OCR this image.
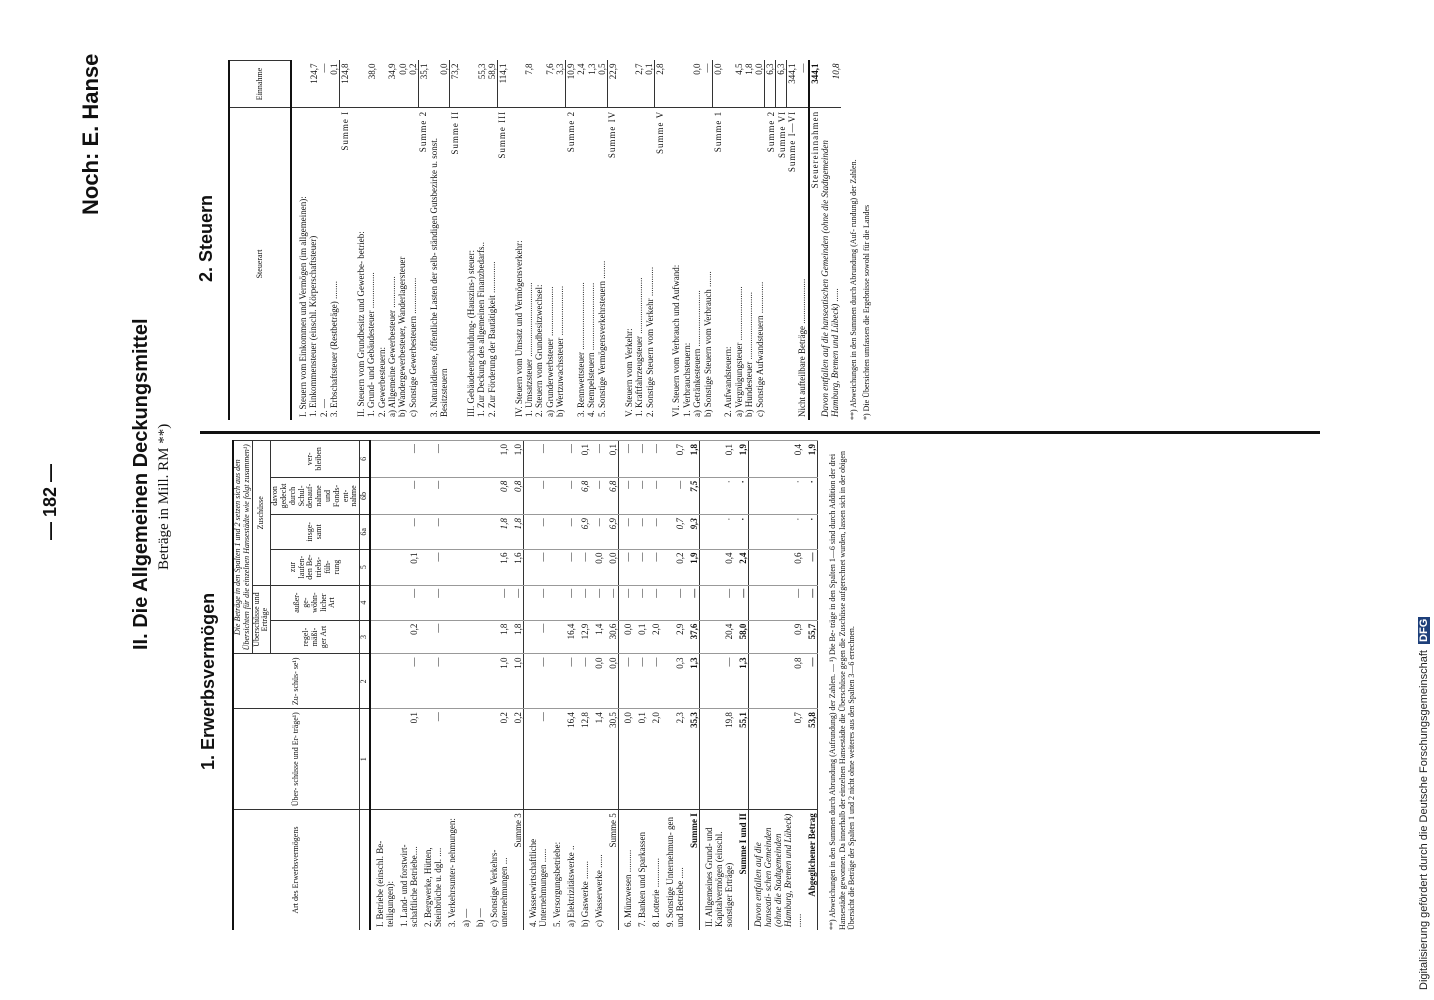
Digitalisierung gefördert durch die Deutsche Forschungsgemeinschaft DFG
— 182 —
Noch: E. Hanse
II. Die Allgemeinen Deckungsmittel Beträge in Mill. RM **)
1. Erwerbsvermögen
2. Steuern
Art des Erwerbsvermögens	Über- schüsse und Er- träge¹)	Zu- schüs- se¹)	Die Beträge in den Spalten 1 und 2 setzen sich aus den Übersichten für die einzelnen Hansestädte wie folgt zusammen¹)					
			Überschüsse und Erträge		Zuschüsse			
			regel- mäßi- ger Art	außer- ge- wöhn- licher Art	zur laufen- den Be- triebs- füh- rung	insge- samt	davon gedeckt durch Schul- denauf- nahme und Fonds- ent- nahme	ver- bleiben
	1	2	3	4	5	6a	6b	6
I. Betriebe (einschl. Be- teiligungen):								
1. Land- und forstwirt- schaftliche Betriebe....	0,1	—	0,2	—	0,1	—	—	—
2. Bergwerke, Hütten, Steinbrüche u. dgl. ....	—	—	—	—	—	—	—	—
3. Verkehrsunter- nehmungen:								
a) —								
b) —								
c) Sonstige Verkehrs- unternehmungen ...	0,2	1,0	1,8	—	1,6	1,8	0,8	1,0
Summe 3	0,2	1,0	1,8	—	1,6	1,8	0,8	1,0
4. Wasserwirtschaftliche Unternehmungen ......	—	—	—	—	—	—	—	—
5. Versorgungsbetriebe:								
a) Elektrizitätswerke ..	16,4	—	16,4	—	—	—	—	—
b) Gaswerke ........	12,8	—	12,9	—	—	6,9	6,8	0,1
c) Wasserwerke ......	1,4	0,0	1,4	—	0,0	—	—	—
Summe 5	30,5	0,0	30,6	—	0,0	6,9	6,8	0,1
6. Münzwesen ..........	0,0	—	0,0	—	—	—	—	—
7. Banken und Sparkassen	0,1	—	0,1	—	—	—	—	—
8. Lotterie .............	2,0	—	2,0	—	—	—	—	—
9. Sonstige Unternehmun- gen und Betriebe .....	2,3	0,3	2,9	—	0,2	0,7	—	0,7
Summe I	35,3	1,3	37,6	—	1,9	9,3	7,5	1,8
II. Allgemeines Grund- und Kapitalvermögen (einschl. sonstiger Erträge)	19,8	—	20,4	—	0,4	·	·	0,1
Summe I und II	55,1	1,3	58,0	—	2,4	·	·	1,9
Davon entfallen auf die hanseati- schen Gemeinden (ohne die Stadtgemeinden Hamburg, Bremen und Lübeck) ......	0,7	0,8	0,9	—	0,6	·	·	0,4
Abgeglichener Betrag	53,8	—	55,7	—	—	·	·	1,9
**) Abweichungen in den Summen durch Abrundung (Aufrundung) der Zahlen. — ¹) Die Be- träge in den Spalten 1—6 sind durch Addition der drei Hansestädte gewonnen. Da innerhalb der einzelnen Hansestädte die Überschüsse gegen die Zuschüsse aufgerechnet wurden, lassen sich in der obigen Übersicht die Beträge der Spalten 1 und 2 nicht ohne weiteres aus den Spalten 3—6 errechnen.
Steuerart	Einnahme
I. Steuern vom Einkommen und Vermögen (im allgemeinen):	
1. Einkommensteuer (einschl. Körperschaftsteuer)	124,7
2. —	—
3. Erbschaftsteuer (Restbeträge) ........	0,1
Summe I	124,8
II. Steuern vom Grundbesitz und Gewerbe- betrieb:	
1. Grund- und Gebäudesteuer ................	38,0
2. Gewerbesteuern:	
a) Allgemeine Gewerbesteuer ..............	34,9
b) Wandergewerbesteuer, Wanderlagersteuer	0,0
c) Sonstige Gewerbesteuern ................	0,2
Summe 2	35,1
3. Naturaldienste, öffentliche Lasten der selb- ständigen Gutsbezirke u. sonst. Besitzsteuern	0,0
Summe II	73,2
III. Gebäudeentschuldung- (Hauszins-) steuer:	
1. Zur Deckung des allgemeinen Finanzbedarfs..	55,3
2. Zur Förderung der Bautätigkeit ..............	58,9
Summe III	114,1
IV. Steuern vom Umsatz und Vermögensverkehr:	
1. Umsatzsteuer .................................	7,8
2. Steuern vom Grundbesitzwechsel:	
a) Grunderwerbsteuer ......................	7,6
b) Wertzuwachssteuer ......................	3,3
Summe 2	10,9
3. Rennwettsteuer ..............................	2,4
4. Stempelsteuern ..............................	1,3
5. Sonstige Vermögensverkehrsteuern ........	0,5
Summe IV	22,9
V. Steuern vom Verkehr:	
1. Kraftfahrzeugsteuer .........................	2,7
2. Sonstige Steuern vom Verkehr .............	0,1
Summe V	2,8
VI. Steuern vom Verbrauch und Aufwand:	
1. Verbrauchsteuern:	
a) Getränkesteuern .........................	0,0
b) Sonstige Steuern vom Verbrauch .......	—
Summe 1	0,0
2. Aufwandsteuern:	
a) Vergnügungsteuer ........................	4,5
b) Hundesteuer ..............................	1,8
c) Sonstige Aufwandsteuern ..............	0,0
Summe 2	6,3
Summe VI	6,3
Summe I—VI	344,1
Nicht aufteilbare Beträge ....................	—
Steuereinnahmen	344,1
Davon entfallen auf die hanseatischen Gemeinden (ohne die Stadtgemeinden Hamburg, Bremen und Lübeck) ......	10,8
**) Abweichungen in den Summen durch Abrundung (Auf- rundung) der Zahlen. *) Die Übersichten umfassen die Ergebnisse sowohl für die Landes
